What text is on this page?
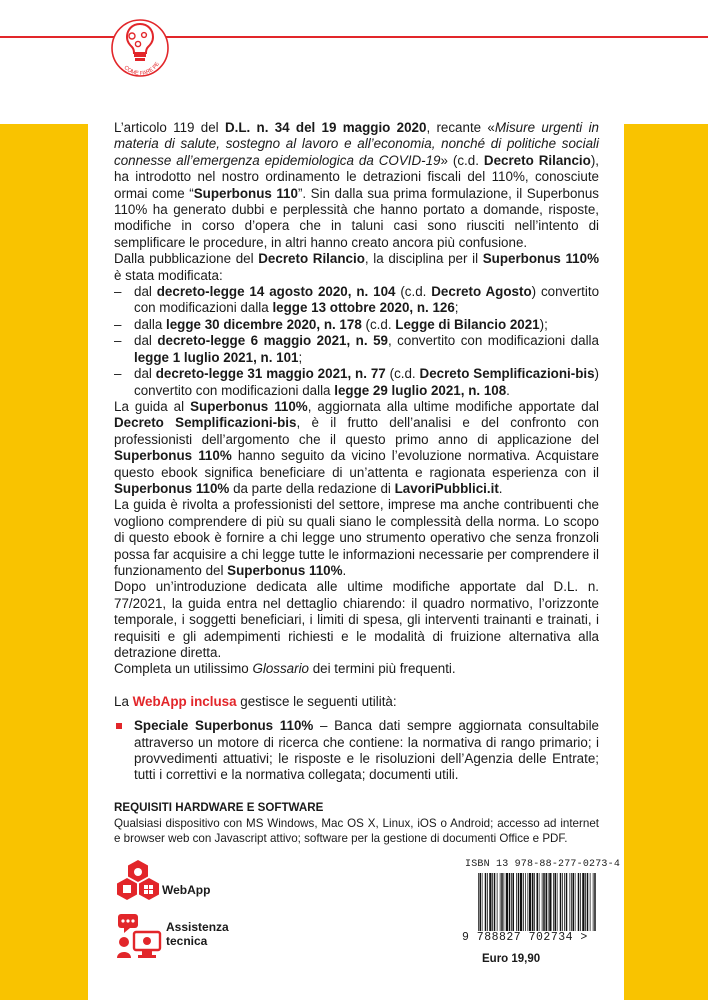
COME FARE PE

L’articolo 119 del D.L. n. 34 del 19 maggio 2020, recante «Misure urgenti in materia di salute, sostegno al lavoro e all’economia, nonché di politiche sociali connesse all’emergenza epidemiologica da COVID-19» (c.d. Decreto Rilancio), ha introdotto nel nostro ordinamento le detrazioni fiscali del 110%, conosciute ormai come “Superbonus 110”. Sin dalla sua prima formulazione, il Superbonus 110% ha generato dubbi e perplessità che hanno portato a domande, risposte, modifiche in corso d’opera che in taluni casi sono riusciti nell’intento di semplificare le procedure, in altri hanno creato ancora più confusione.

Dalla pubblicazione del Decreto Rilancio, la disciplina per il Superbonus 110% è stata modificata:

– dal decreto-legge 14 agosto 2020, n. 104 (c.d. Decreto Agosto) convertito con modificazioni dalla legge 13 ottobre 2020, n. 126;
– dalla legge 30 dicembre 2020, n. 178 (c.d. Legge di Bilancio 2021);
– dal decreto-legge 6 maggio 2021, n. 59, convertito con modificazioni dalla legge 1 luglio 2021, n. 101;
– dal decreto-legge 31 maggio 2021, n. 77 (c.d. Decreto Semplificazioni-bis) convertito con modificazioni dalla legge 29 luglio 2021, n. 108.

La guida al Superbonus 110%, aggiornata alla ultime modifiche apportate dal Decreto Semplificazioni-bis, è il frutto dell’analisi e del confronto con professionisti dell’argomento che il questo primo anno di applicazione del Superbonus 110% hanno seguito da vicino l’evoluzione normativa. Acquistare questo ebook significa beneficiare di un’attenta e ragionata esperienza con il Superbonus 110% da parte della redazione di LavoriPubblici.it.

La guida è rivolta a professionisti del settore, imprese ma anche contribuenti che vogliono comprendere di più su quali siano le complessità della norma. Lo scopo di questo ebook è fornire a chi legge uno strumento operativo che senza fronzoli possa far acquisire a chi legge tutte le informazioni necessarie per comprendere il funzionamento del Superbonus 110%.

Dopo un’introduzione dedicata alle ultime modifiche apportate dal D.L. n. 77/2021, la guida entra nel dettaglio chiarendo: il quadro normativo, l’orizzonte temporale, i soggetti beneficiari, i limiti di spesa, gli interventi trainanti e trainati, i requisiti e gli adempimenti richiesti e le modalità di fruizione alternativa alla detrazione diretta.

Completa un utilissimo Glossario dei termini più frequenti.

La WebApp inclusa gestisce le seguenti utilità:

Speciale Superbonus 110% – Banca dati sempre aggiornata consultabile attraverso un motore di ricerca che contiene: la normativa di rango primario; i provvedimenti attuativi; le risposte e le risoluzioni dell’Agenzia delle Entrate; tutti i correttivi e la normativa collegata; documenti utili.

REQUISITI HARDWARE E SOFTWARE

Qualsiasi dispositivo con MS Windows, Mac OS X, Linux, iOS o Android; accesso ad internet e browser web con Javascript attivo; software per la gestione di documenti Office e PDF.

WebApp
Assistenza tecnica
ISBN 13 978-88-277-0273-4
9 788827 702734 >
Euro 19,90
